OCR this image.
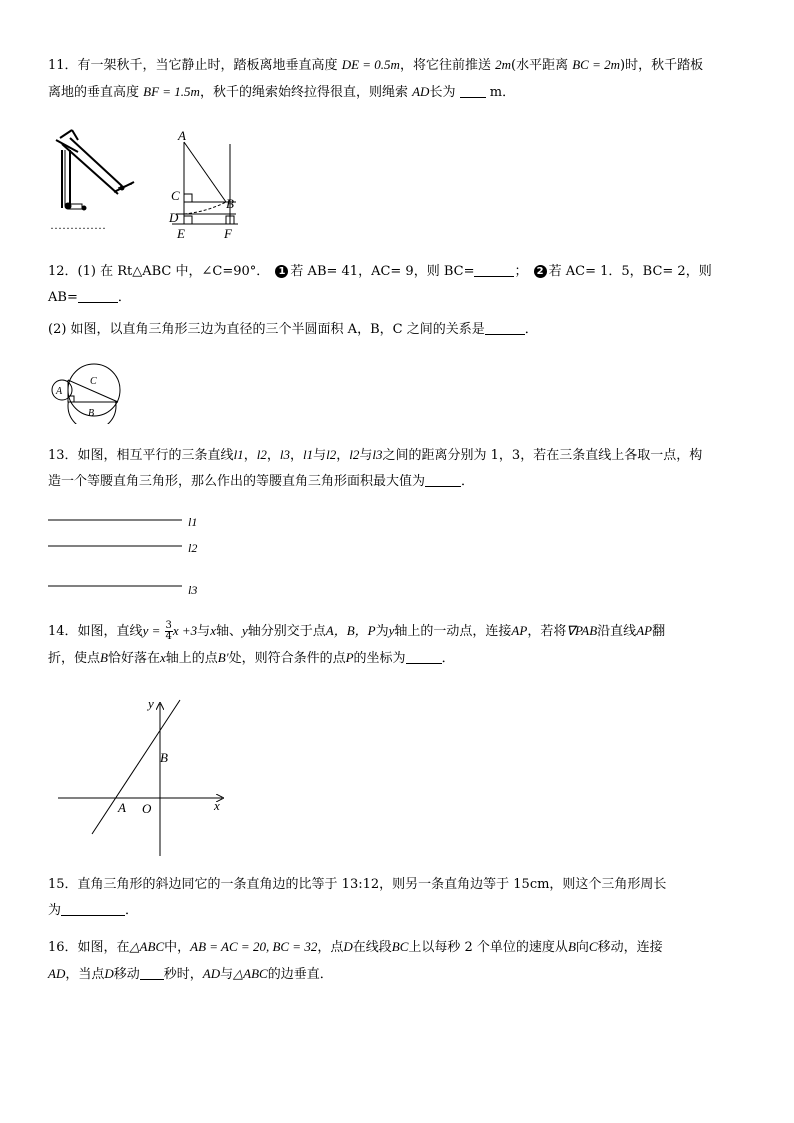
11．有一架秋千，当它静止时，踏板离地垂直高度 DE = 0.5m，将它往前推送 2m(水平距离 BC = 2m)时，秋千踏板
离地的垂直高度 BF = 1.5m，秋千的绳索始终拉得很直，则绳索 AD长为	m．
··············
A
B
C
D
E	F
12．(1) 在 Rt△ABC 中，∠C=90°． 1 若 AB= 41，AC= 9，则 BC=	； 2 若 AC= 1．5，BC= 2，则
AB=	．
(2) 如图，以直角三角形三边为直径的三个半圆面积 A，B，C 之间的关系是	．
A
C
B
13．如图，相互平行的三条直线l1，l2，l3，l1与l2，l2与l3之间的距离分别为 1，3，若在三条直线上各取一点，构
造一个等腰直角三角形，那么作出的等腰直角三角形面积最大值为	．
l1
l2
l3
14．如图，直线$y = \frac{3}{4}$ x +3与x轴、y轴分别交于点A，B，P为y轴上的一动点，连接AP，若将∇PAB沿直线AP翻
折，使点B恰好落在x轴上的点B′处，则符合条件的点P的坐标为	．
y
x
A O
B
15．直角三角形的斜边同它的一条直角边的比等于 13:12，则另一条直角边等于 15cm，则这个三角形周长
为	．
16．如图，在△ABC中，AB = AC = 20, BC = 32，点D在线段BC上以每秒 2 个单位的速度从B向C移动，连接
AD，当点D移动 秒时，AD与△ABC的边垂直．
